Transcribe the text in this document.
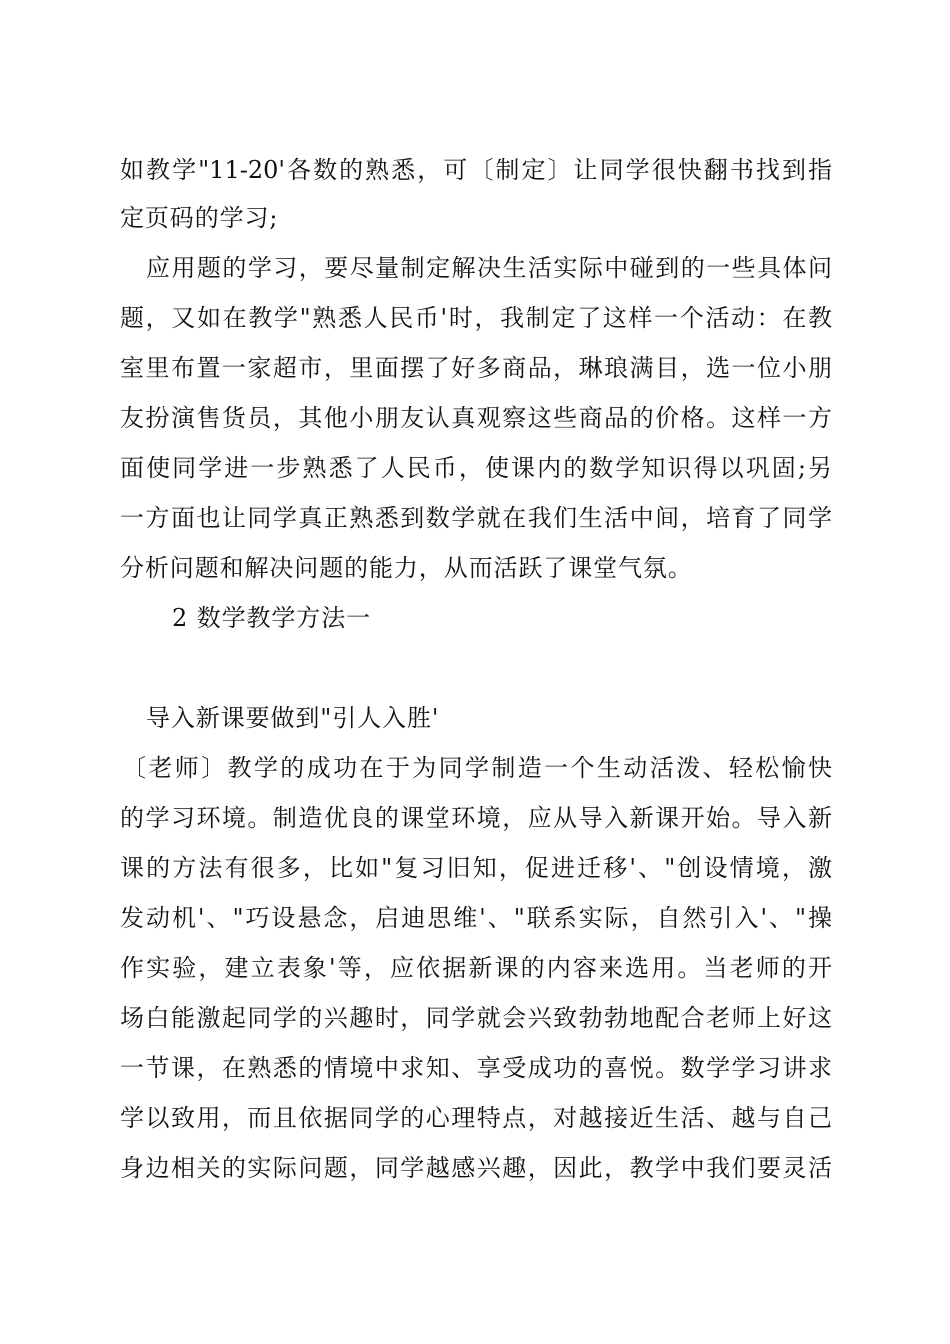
如教学"11-20'各数的熟悉，可〔制定〕让同学很快翻书找到指
定页码的学习;
应用题的学习，要尽量制定解决生活实际中碰到的一些具体问
题，又如在教学"熟悉人民币'时，我制定了这样一个活动：在教
室里布置一家超市，里面摆了好多商品，琳琅满目，选一位小朋
友扮演售货员，其他小朋友认真观察这些商品的价格。这样一方
面使同学进一步熟悉了人民币，使课内的数学知识得以巩固;另
一方面也让同学真正熟悉到数学就在我们生活中间，培育了同学
分析问题和解决问题的能力，从而活跃了课堂气氛。
2 数学教学方法一
导入新课要做到"引人入胜'
〔老师〕教学的成功在于为同学制造一个生动活泼、轻松愉快
的学习环境。制造优良的课堂环境，应从导入新课开始。导入新
课的方法有很多，比如"复习旧知，促进迁移'、"创设情境，激
发动机'、"巧设悬念，启迪思维'、"联系实际，自然引入'、"操
作实验，建立表象'等，应依据新课的内容来选用。当老师的开
场白能激起同学的兴趣时，同学就会兴致勃勃地配合老师上好这
一节课，在熟悉的情境中求知、享受成功的喜悦。数学学习讲求
学以致用，而且依据同学的心理特点，对越接近生活、越与自己
身边相关的实际问题，同学越感兴趣，因此，教学中我们要灵活
